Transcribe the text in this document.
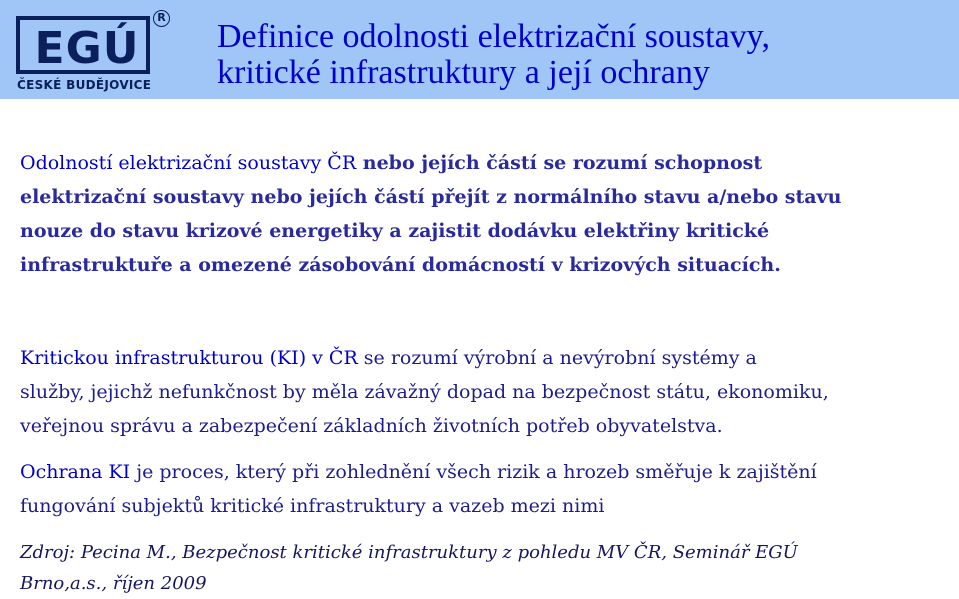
EGÚ
R
ČESKÉ BUDĚJOVICE
Definice odolnosti elektrizační soustavy,
kritické infrastruktury a její ochrany

Odolností elektrizační soustavy ČR nebo jejích částí se rozumí schopnost
elektrizační soustavy nebo jejích částí přejít z normálního stavu a/nebo stavu
nouze do stavu krizové energetiky a zajistit dodávku elektřiny kritické
infrastruktuře a omezené zásobování domácností v krizových situacích.

Kritickou infrastrukturou (KI) v ČR se rozumí výrobní a nevýrobní systémy a
služby, jejichž nefunkčnost by měla závažný dopad na bezpečnost státu, ekonomiku,
veřejnou správu a zabezpečení základních životních potřeb obyvatelstva.

Ochrana KI je proces, který při zohlednění všech rizik a hrozeb směřuje k zajištění
fungování subjektů kritické infrastruktury a vazeb mezi nimi

Zdroj: Pecina M., Bezpečnost kritické infrastruktury z pohledu MV ČR, Seminář EGÚ
Brno,a.s., říjen 2009
